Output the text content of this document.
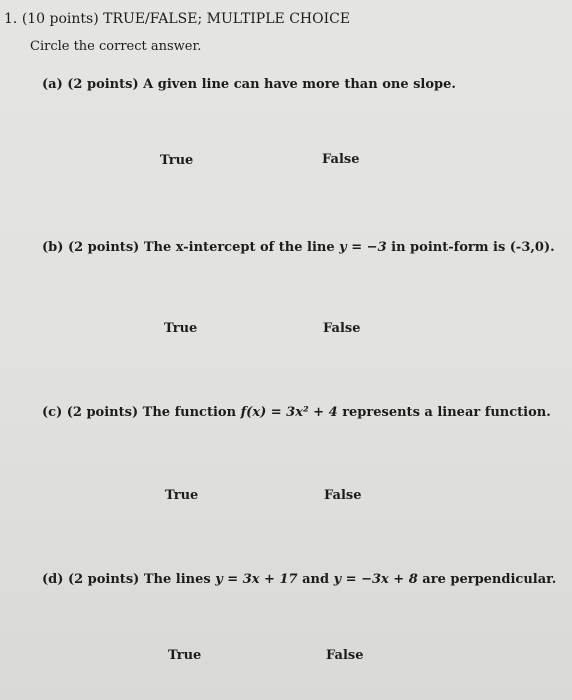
1. (10 points) TRUE/FALSE; MULTIPLE CHOICE
Circle the correct answer.
(a) (2 points) A given line can have more than one slope.
True	False
(b) (2 points) The x-intercept of the line y = −3 in point-form is (-3,0).
True	False
(c) (2 points) The function f(x) = 3x² + 4 represents a linear function.
True	False
(d) (2 points) The lines y = 3x + 17 and y = −3x + 8 are perpendicular.
True	False
